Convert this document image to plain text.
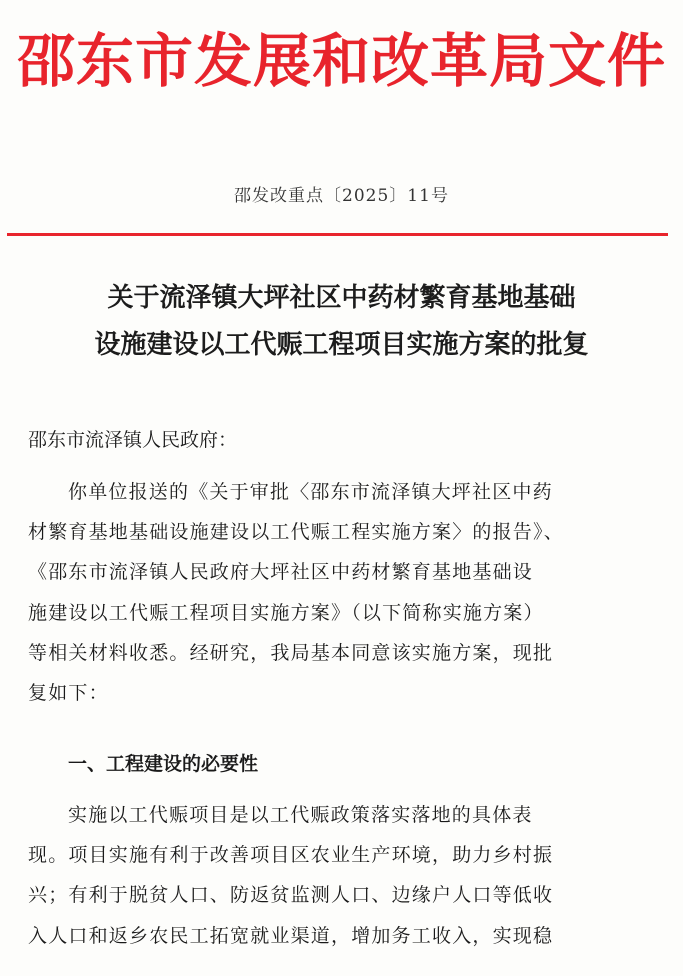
邵东市发展和改革局文件
邵发改重点〔2025〕11号
关于流泽镇大坪社区中药材繁育基地基础
设施建设以工代赈工程项目实施方案的批复
邵东市流泽镇人民政府：
你单位报送的《关于审批〈邵东市流泽镇大坪社区中药
材繁育基地基础设施建设以工代赈工程实施方案〉的报告》、
《邵东市流泽镇人民政府大坪社区中药材繁育基地基础设
施建设以工代赈工程项目实施方案》（以下简称实施方案）
等相关材料收悉。经研究，我局基本同意该实施方案，现批
复如下：
一、工程建设的必要性
实施以工代赈项目是以工代赈政策落实落地的具体表
现。项目实施有利于改善项目区农业生产环境，助力乡村振
兴；有利于脱贫人口、防返贫监测人口、边缘户人口等低收
入人口和返乡农民工拓宽就业渠道，增加务工收入，实现稳
